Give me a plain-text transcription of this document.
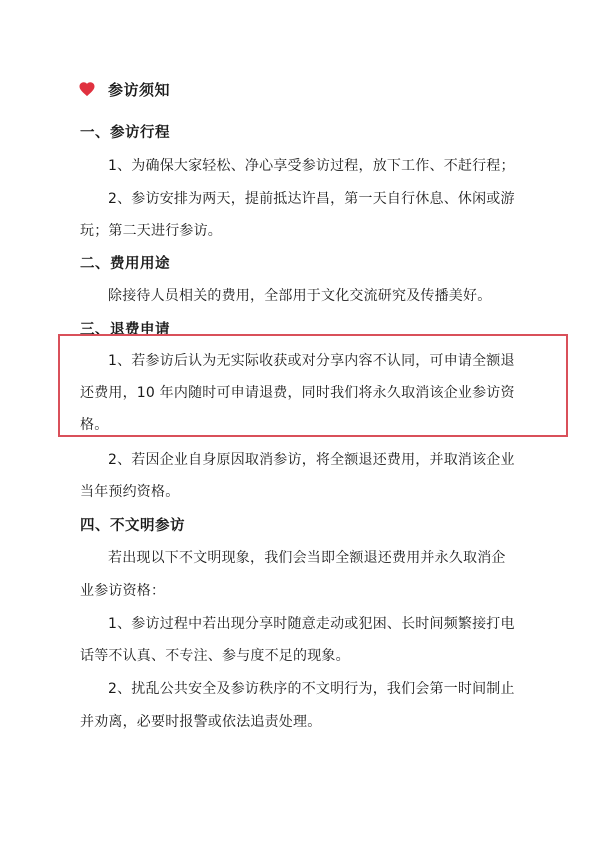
参访须知
一、参访行程
1、为确保大家轻松、净心享受参访过程，放下工作、不赶行程；
2、参访安排为两天，提前抵达许昌，第一天自行休息、休闲或游
玩；第二天进行参访。
二、费用用途
除接待人员相关的费用，全部用于文化交流研究及传播美好。
三、退费申请
1、若参访后认为无实际收获或对分享内容不认同，可申请全额退
还费用，10 年内随时可申请退费，同时我们将永久取消该企业参访资
格。
2、若因企业自身原因取消参访，将全额退还费用，并取消该企业
当年预约资格。
四、不文明参访
若出现以下不文明现象，我们会当即全额退还费用并永久取消企
业参访资格：
1、参访过程中若出现分享时随意走动或犯困、长时间频繁接打电
话等不认真、不专注、参与度不足的现象。
2、扰乱公共安全及参访秩序的不文明行为，我们会第一时间制止
并劝离，必要时报警或依法追责处理。
